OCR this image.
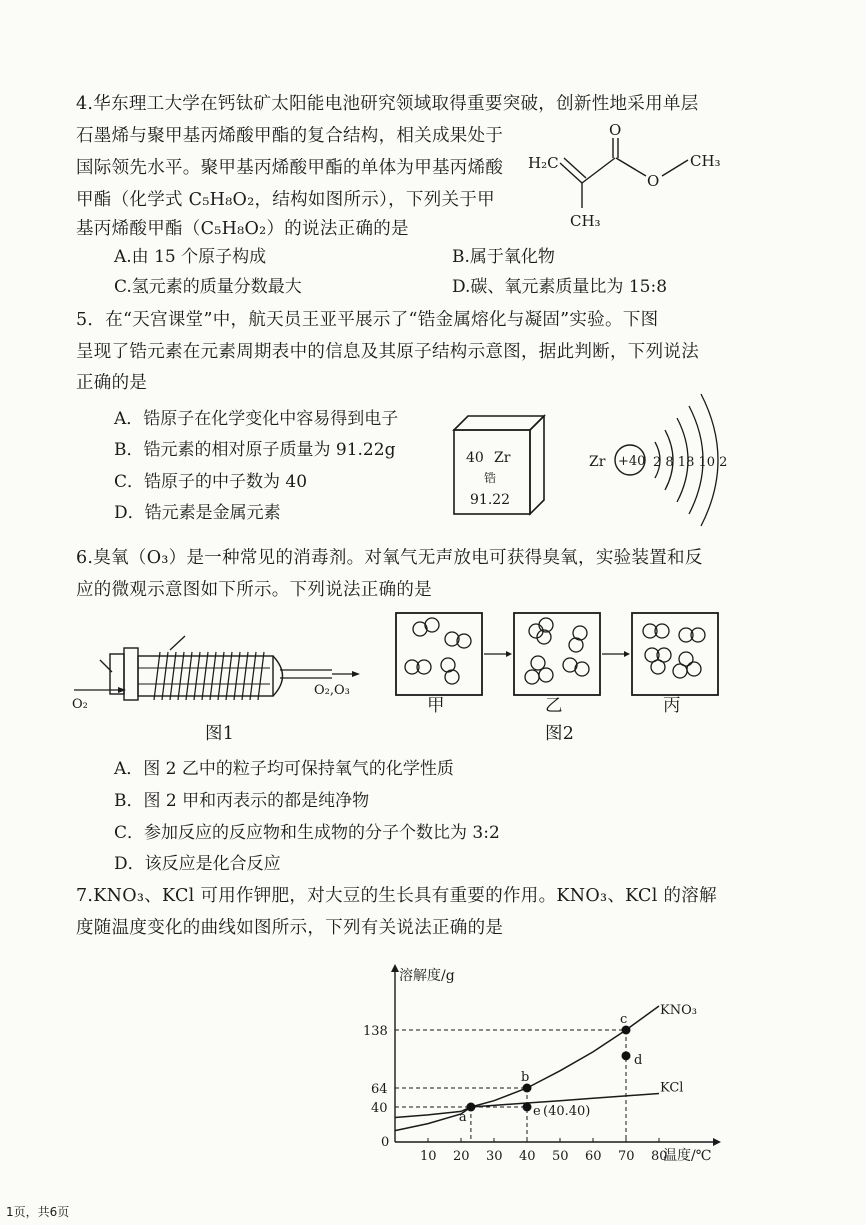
4.华东理工大学在钙钛矿太阳能电池研究领域取得重要突破，创新性地采用单层
石墨烯与聚甲基丙烯酸甲酯的复合结构，相关成果处于
国际领先水平。聚甲基丙烯酸甲酯的单体为甲基丙烯酸
甲酯（化学式 C₅H₈O₂，结构如图所示），下列关于甲
基丙烯酸甲酯（C₅H₈O₂）的说法正确的是
H₂C
O
O
CH₃
CH₃
A.由 15 个原子构成	B.属于氧化物
C.氢元素的质量分数最大	D.碳、氧元素质量比为 15:8
5．在“天宫课堂”中，航天员王亚平展示了“锆金属熔化与凝固”实验。下图
呈现了锆元素在元素周期表中的信息及其原子结构示意图，据此判断，下列说法
正确的是
A．锆原子在化学变化中容易得到电子
B．锆元素的相对原子质量为 91.22g
C．锆原子的中子数为 40
D．锆元素是金属元素
40 Zr
锆
91.22
Zr +40 2 8 18 10 2
6.臭氧（O₃）是一种常见的消毒剂。对氧气无声放电可获得臭氧，实验装置和反
应的微观示意图如下所示。下列说法正确的是
O₂
O₂,O₃
图1
甲	乙	丙
图2
A．图 2 乙中的粒子均可保持氧气的化学性质
B．图 2 甲和丙表示的都是纯净物
C．参加反应的反应物和生成物的分子个数比为 3:2
D．该反应是化合反应
7.KNO₃、KCl 可用作钾肥，对大豆的生长具有重要的作用。KNO₃、KCl 的溶解
度随温度变化的曲线如图所示，下列有关说法正确的是
溶解度/g
温度/℃
0
10 20 30 40 50 60 70 80
40
64
138
KNO₃
KCl
a
b
c
d
e (40.40)
1页，共6页
